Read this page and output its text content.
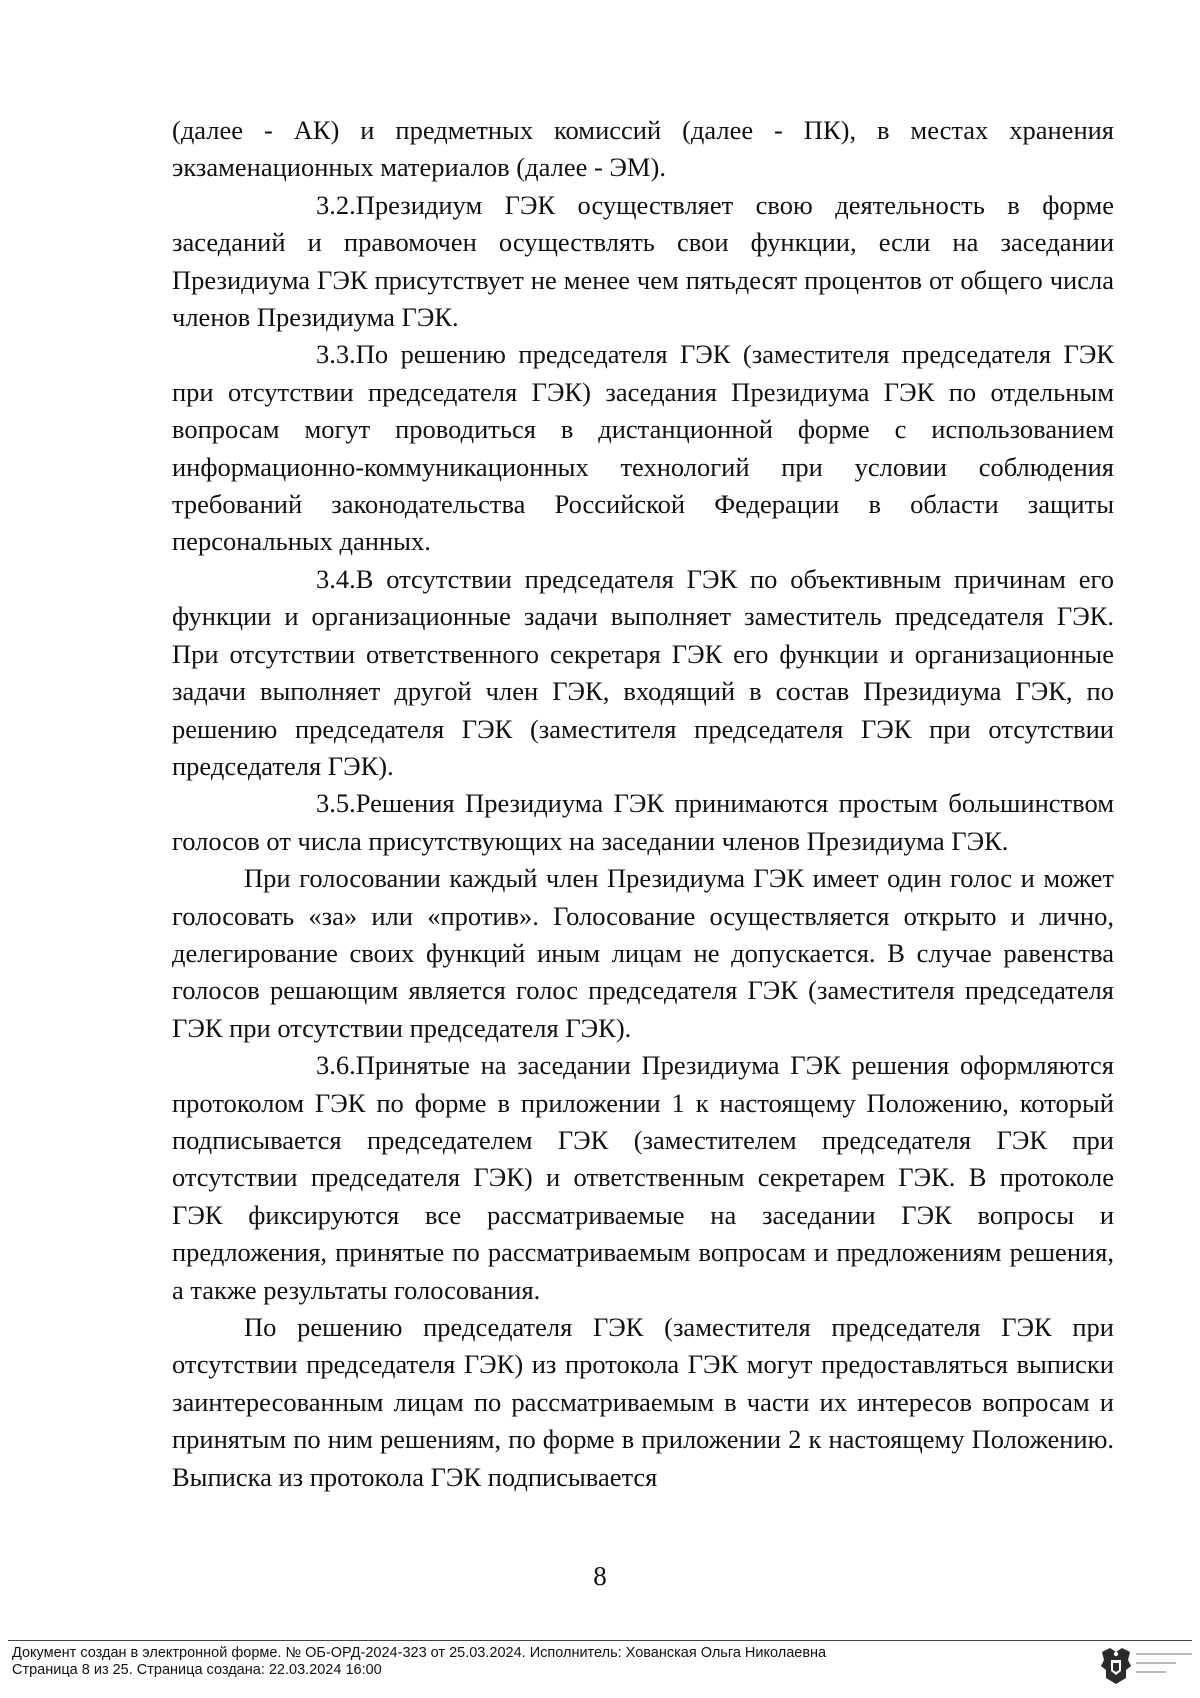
(далее - АК) и предметных комиссий (далее - ПК), в местах хранения экзаменационных материалов (далее - ЭМ).

3.2.Президиум ГЭК осуществляет свою деятельность в форме заседаний и правомочен осуществлять свои функции, если на заседании Президиума ГЭК присутствует не менее чем пятьдесят процентов от общего числа членов Президиума ГЭК.

3.3.По решению председателя ГЭК (заместителя председателя ГЭК при отсутствии председателя ГЭК) заседания Президиума ГЭК по отдельным вопросам могут проводиться в дистанционной форме с использованием информационно-коммуникационных технологий при условии соблюдения требований законодательства Российской Федерации в области защиты персональных данных.

3.4.В отсутствии председателя ГЭК по объективным причинам его функции и организационные задачи выполняет заместитель председателя ГЭК. При отсутствии ответственного секретаря ГЭК его функции и организационные задачи выполняет другой член ГЭК, входящий в состав Президиума ГЭК, по решению председателя ГЭК (заместителя председателя ГЭК при отсутствии председателя ГЭК).

3.5.Решения Президиума ГЭК принимаются простым большинством голосов от числа присутствующих на заседании членов Президиума ГЭК.

При голосовании каждый член Президиума ГЭК имеет один голос и может голосовать «за» или «против». Голосование осуществляется открыто и лично, делегирование своих функций иным лицам не допускается. В случае равенства голосов решающим является голос председателя ГЭК (заместителя председателя ГЭК при отсутствии председателя ГЭК).

3.6.Принятые на заседании Президиума ГЭК решения оформляются протоколом ГЭК по форме в приложении 1 к настоящему Положению, который подписывается председателем ГЭК (заместителем председателя ГЭК при отсутствии председателя ГЭК) и ответственным секретарем ГЭК. В протоколе ГЭК фиксируются все рассматриваемые на заседании ГЭК вопросы и предложения, принятые по рассматриваемым вопросам и предложениям решения, а также результаты голосования.

По решению председателя ГЭК (заместителя председателя ГЭК при отсутствии председателя ГЭК) из протокола ГЭК могут предоставляться выписки заинтересованным лицам по рассматриваемым в части их интересов вопросам и принятым по ним решениям, по форме в приложении 2 к настоящему Положению. Выписка из протокола ГЭК подписывается

8
Документ создан в электронной форме. № ОБ-ОРД-2024-323 от 25.03.2024. Исполнитель: Хованская Ольга Николаевна
Страница 8 из 25. Страница создана: 22.03.2024 16:00
